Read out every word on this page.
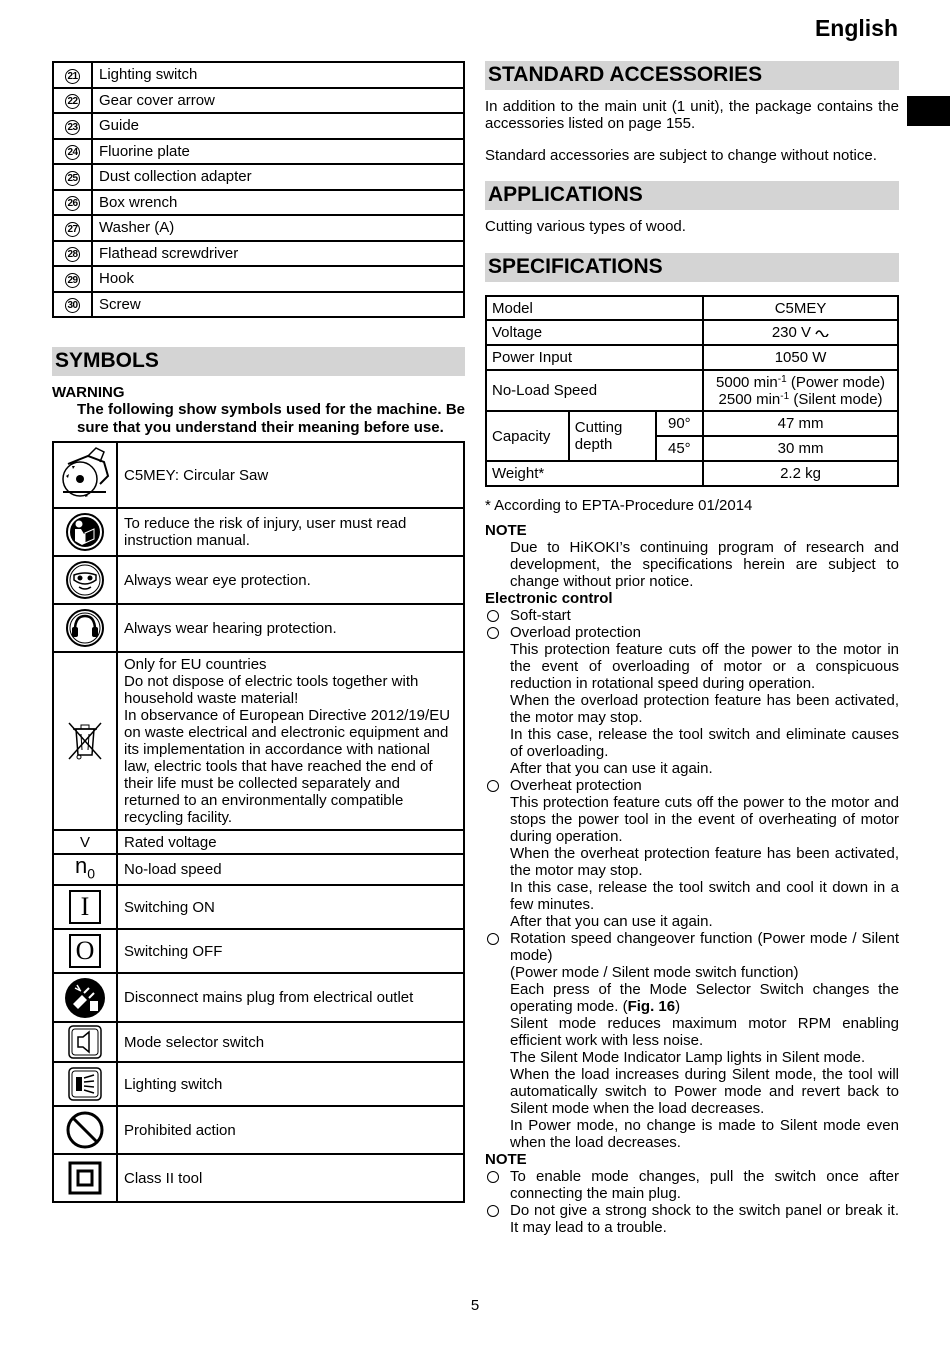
English
21	Lighting switch
22	Gear cover arrow
23	Guide
24	Fluorine plate
25	Dust collection adapter
26	Box wrench
27	Washer (A)
28	Flathead screwdriver
29	Hook
30	Screw
SYMBOLS
WARNING
The following show symbols used for the machine. Be sure that you understand their meaning before use.
	C5MEY: Circular Saw

	To reduce the risk of injury, user must read instruction manual.

	Always wear eye protection.

	Always wear hearing protection.

	Only for EU countries
Do not dispose of electric tools together with household waste material!
In observance of European Directive 2012/19/EU on waste electrical and electronic equipment and its implementation in accordance with national law, electric tools that have reached the end of their life must be collected separately and returned to an environmentally compatible recycling facility.
V	Rated voltage
$n_0$	No-load speed
I	Switching ON
O	Switching OFF

	Disconnect mains plug from electrical outlet

	Mode selector switch

	Lighting switch

	Prohibited action

	Class II tool
STANDARD ACCESSORIES
In addition to the main unit (1 unit), the package contains the accessories listed on page 155.
Standard accessories are subject to change without notice.
APPLICATIONS
Cutting various types of wood.
SPECIFICATIONS
Model			C5MEY
Voltage			230 V
Power Input			1050 W
No-Load Speed			5000 $\min^{-1}$ (Power mode)
2500 $\min^{-1}$ (Silent mode)

Capacity	Cutting depth	90°	47 mm
		45°	30 mm
Weight*			2.2 kg
* According to EPTA-Procedure 01/2014
NOTE
Due to HiKOKI’s continuing program of research and development, the specifications herein are subject to change without prior notice.
Electronic control
Soft-start
Overload protection
This protection feature cuts off the power to the motor in the event of overloading of motor or a conspicuous reduction in rotational speed during operation.
When the overload protection feature has been activated, the motor may stop.
In this case, release the tool switch and eliminate causes of overloading.
After that you can use it again.
Overheat protection
This protection feature cuts off the power to the motor and stops the power tool in the event of overheating of motor during operation.
When the overheat protection feature has been activated, the motor may stop.
In this case, release the tool switch and cool it down in a few minutes.
After that you can use it again.
Rotation speed changeover function (Power mode / Silent mode)
(Power mode / Silent mode switch function)
Each press of the Mode Selector Switch changes the operating mode. (Fig. 16)
Silent mode reduces maximum motor RPM enabling efficient work with less noise.
The Silent Mode Indicator Lamp lights in Silent mode.
When the load increases during Silent mode, the tool will automatically switch to Power mode and revert back to Silent mode when the load decreases.
In Power mode, no change is made to Silent mode even when the load decreases.
NOTE
To enable mode changes, pull the switch once after connecting the main plug.
Do not give a strong shock to the switch panel or break it. It may lead to a trouble.
5
